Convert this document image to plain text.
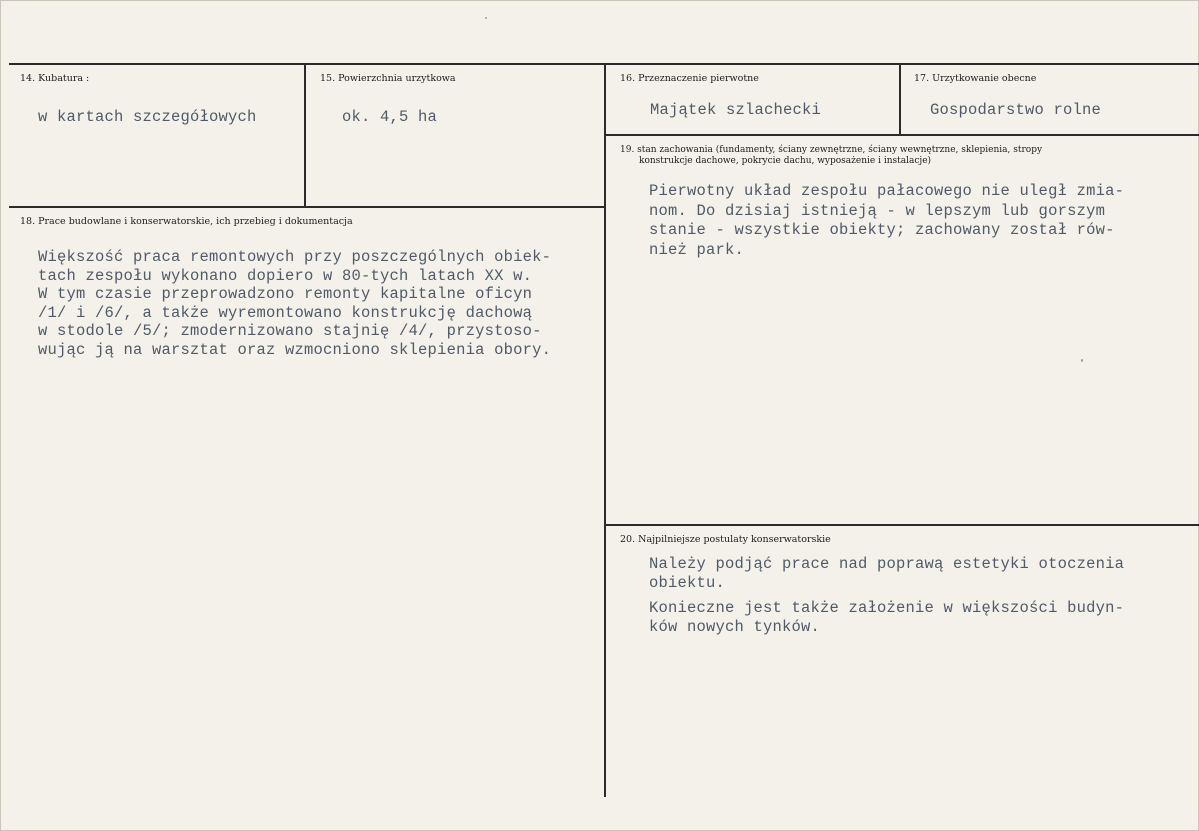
14. Kubatura :
w kartach szczegółowych
15. Powierzchnia urzytkowa
ok. 4,5 ha
16. Przeznaczenie pierwotne
Majątek szlachecki
17. Urzytkowanie obecne
Gospodarstwo rolne
19. stan zachowania (fundamenty, ściany zewnętrzne, ściany wewnętrzne, sklepienia, stropy
konstrukcje dachowe, pokrycie dachu, wyposażenie i instalacje)
Pierwotny układ zespołu pałacowego nie uległ zmia-
nom. Do dzisiaj istnieją - w lepszym lub gorszym
stanie - wszystkie obiekty; zachowany został rów-
nież park.
18. Prace budowlane i konserwatorskie, ich przebieg i dokumentacja
Większość praca remontowych przy poszczególnych obiek-
tach zespołu wykonano dopiero w 80-tych latach XX w.
W tym czasie przeprowadzono remonty kapitalne oficyn
/1/ i /6/, a także wyremontowano konstrukcję dachową
w stodole /5/; zmodernizowano stajnię /4/, przystoso-
wując ją na warsztat oraz wzmocniono sklepienia obory.
20. Najpilniejsze postulaty konserwatorskie
Należy podjąć prace nad poprawą estetyki otoczenia
obiektu.
Konieczne jest także założenie w większości budyn-
ków nowych tynków.
